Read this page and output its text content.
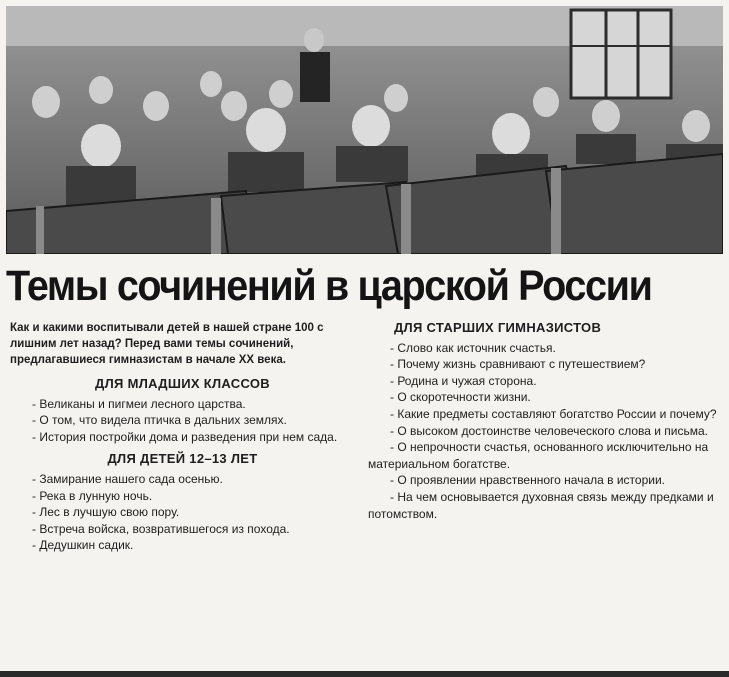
Темы сочинений в царской России

Как и какими воспитывали детей в нашей стране 100 с лишним лет назад? Перед вами темы сочинений, предлагавшиеся гимназистам в начале XX века.

ДЛЯ МЛАДШИХ КЛАССОВ

- Великаны и пигмеи лесного царства.

- О том, что видела птичка в дальних землях.

- История постройки дома и разведения при нем сада.

ДЛЯ ДЕТЕЙ 12–13 ЛЕТ

- Замирание нашего сада осенью.

- Река в лунную ночь.

- Лес в лучшую свою пору.

- Встреча войска, возвратившегося из похода.

- Дедушкин садик.

ДЛЯ СТАРШИХ ГИМНАЗИСТОВ

- Слово как источник счастья.

- Почему жизнь сравнивают с путешествием?

- Родина и чужая сторона.

- О скоротечности жизни.

- Какие предметы составляют богатство России и почему?

- О высоком достоинстве человеческого слова и письма.

- О непрочности счастья, основанного исключительно на материальном богатстве.

- О проявлении нравственного начала в истории.

- На чем основывается духовная связь между предками и потомством.
